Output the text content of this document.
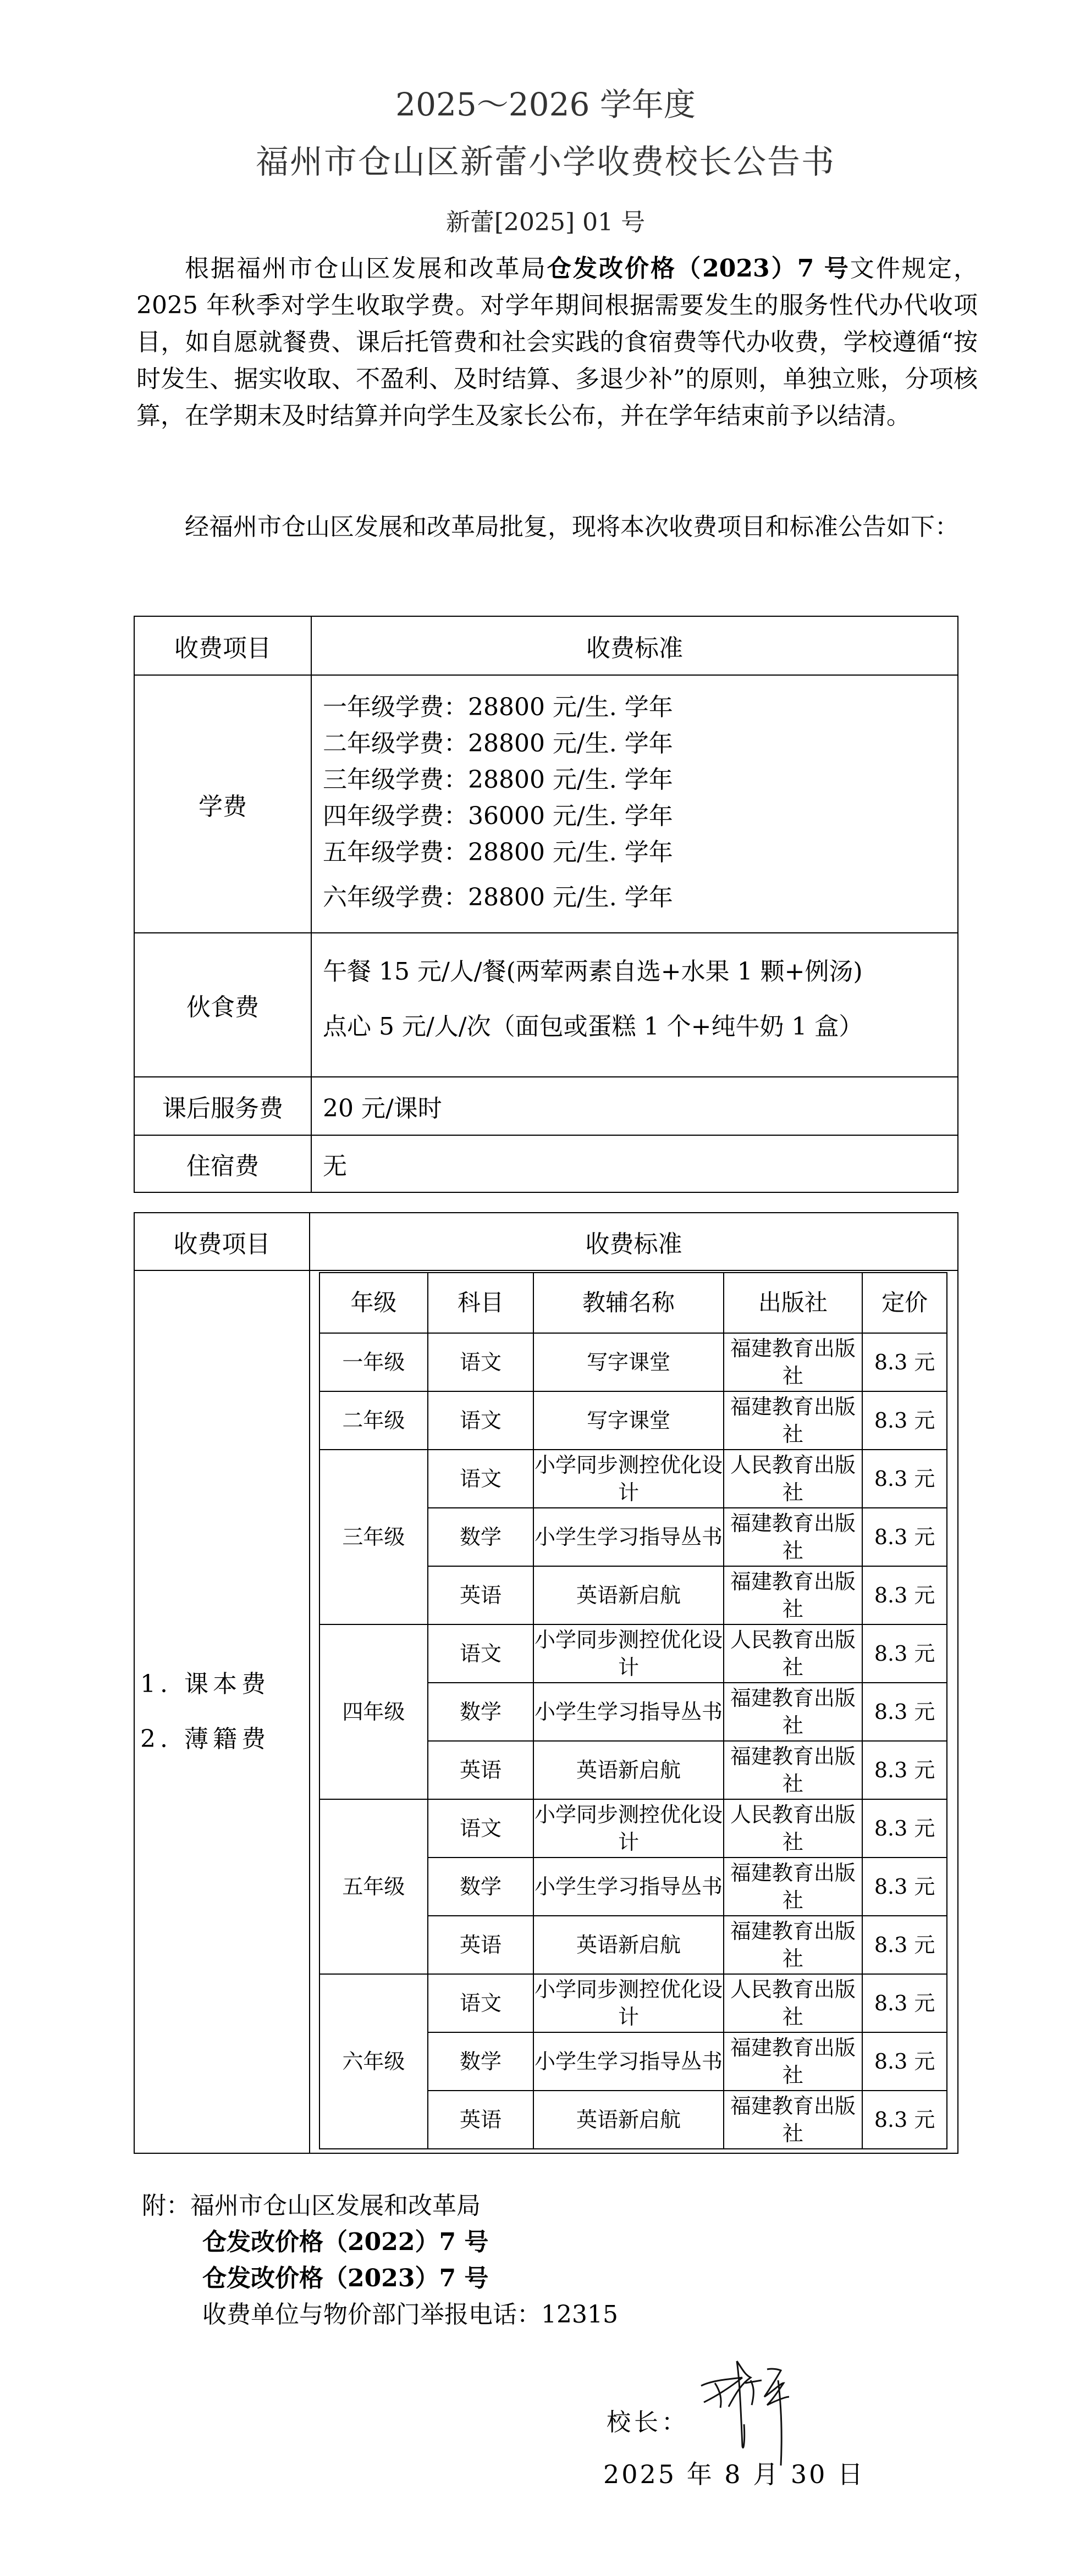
2025～2026 学年度
福州市仓山区新蕾小学收费校长公告书
新蕾[2025] 01 号
根据福州市仓山区发展和改革局仓发改价格（2023）7 号文件规定，2025 年秋季对学生收取学费。对学年期间根据需要发生的服务性代办代收项目，如自愿就餐费、课后托管费和社会实践的食宿费等代办收费，学校遵循“按时发生、据实收取、不盈利、及时结算、多退少补”的原则，单独立账，分项核算，在学期末及时结算并向学生及家长公布，并在学年结束前予以结清。
经福州市仓山区发展和改革局批复，现将本次收费项目和标准公告如下：
收费项目	收费标准
学费	
一年级学费：28800 元/生. 学年
二年级学费：28800 元/生. 学年
三年级学费：28800 元/生. 学年
四年级学费：36000 元/生. 学年
五年级学费：28800 元/生. 学年
六年级学费：28800 元/生. 学年

伙食费	午餐 15 元/人/餐(两荤两素自选+水果 1 颗+例汤)
点心 5 元/人/次（面包或蛋糕 1 个+纯牛奶 1 盒）

课后服务费	20 元/课时
住宿费	无
收费项目	收费标准

1. 课本费
2. 薄籍费

年级	科目	教辅名称	出版社	定价
一年级	语文	写字课堂	福建教育出版社	8.3 元
二年级	语文	写字课堂	福建教育出版社	8.3 元
三年级	语文	小学同步测控优化设计	人民教育出版社	8.3 元
数学	小学生学习指导丛书	福建教育出版社	8.3 元
英语	英语新启航	福建教育出版社	8.3 元
四年级	语文	小学同步测控优化设计	人民教育出版社	8.3 元
数学	小学生学习指导丛书	福建教育出版社	8.3 元
英语	英语新启航	福建教育出版社	8.3 元
五年级	语文	小学同步测控优化设计	人民教育出版社	8.3 元
数学	小学生学习指导丛书	福建教育出版社	8.3 元
英语	英语新启航	福建教育出版社	8.3 元
六年级	语文	小学同步测控优化设计	人民教育出版社	8.3 元
数学	小学生学习指导丛书	福建教育出版社	8.3 元
英语	英语新启航	福建教育出版社	8.3 元
附：福州市仓山区发展和改革局
仓发改价格（2022）7 号
仓发改价格（2023）7 号
收费单位与物价部门举报电话：12315
校长：
2025 年 8 月 30 日
